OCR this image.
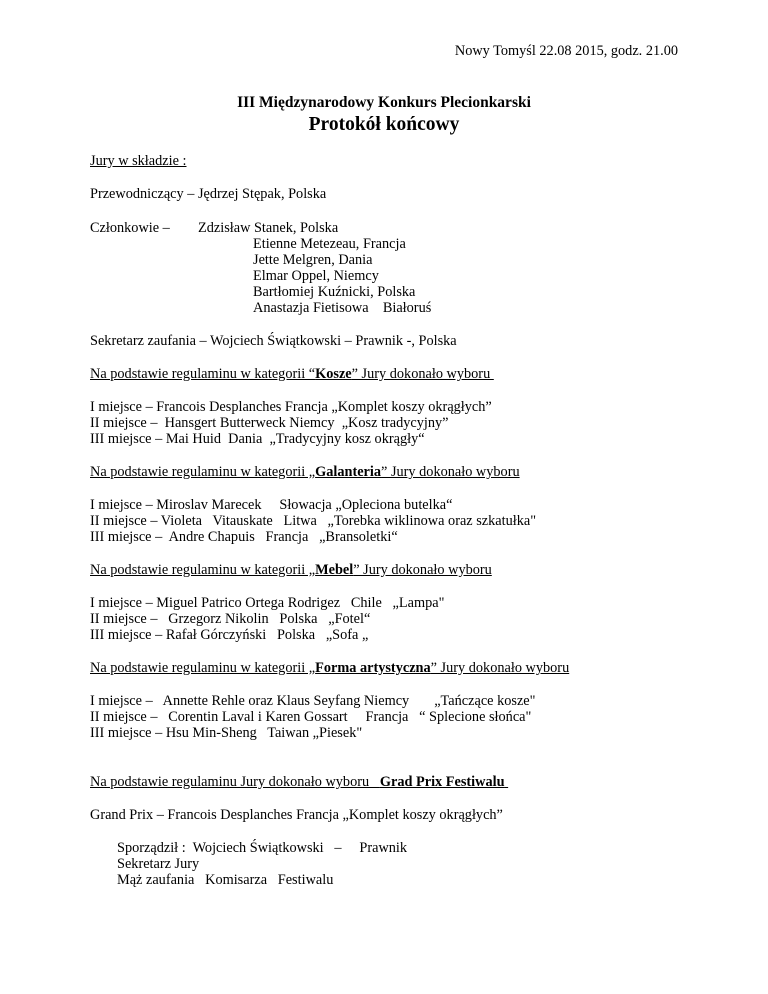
Nowy Tomyśl 22.08 2015, godz. 21.00
III Międzynarodowy Konkurs Plecionkarski
Protokół końcowy
Jury w składzie :
Przewodniczący – Jędrzej Stępak, Polska
Członkowie – Zdzisław Stanek, Polska
Etienne Metezeau, Francja
Jette Melgren, Dania
Elmar Oppel, Niemcy
Bartłomiej Kuźnicki, Polska
Anastazja Fietisowa    Białoruś
Sekretarz zaufania – Wojciech Świątkowski – Prawnik -, Polska
Na podstawie regulaminu w kategorii “Kosze” Jury dokonało wyboru
I miejsce – Francois Desplanches Francja „Komplet koszy okrągłych”
II miejsce –  Hansgert Butterweck Niemcy  „Kosz tradycyjny”
III miejsce – Mai Huid  Dania  „Tradycyjny kosz okrągły“
Na podstawie regulaminu w kategorii „Galanteria” Jury dokonało wyboru
I miejsce – Miroslav Marecek     Słowacja „Opleciona butelka“
II miejsce – Violeta   Vitauskate   Litwa   „Torebka wiklinowa oraz szkatułka"
III miejsce –  Andre Chapuis   Francja   „Bransoletki“
Na podstawie regulaminu w kategorii „Mebel” Jury dokonało wyboru
I miejsce – Miguel Patrico Ortega Rodrigez   Chile   „Lampa"
II miejsce –   Grzegorz Nikolin   Polska   „Fotel“
III miejsce – Rafał Górczyński   Polska   „Sofa „
Na podstawie regulaminu w kategorii „Forma artystyczna” Jury dokonało wyboru
I miejsce –   Annette Rehle oraz Klaus Seyfang Niemcy       „Tańczące kosze"
II miejsce –   Corentin Laval i Karen Gossart     Francja   “ Splecione słońca"
III miejsce – Hsu Min-Sheng   Taiwan „Piesek"
Na podstawie regulaminu Jury dokonało wyboru   Grad Prix Festiwalu
Grand Prix – Francois Desplanches Francja „Komplet koszy okrągłych”
Sporządził :  Wojciech Świątkowski   –     Prawnik
Sekretarz Jury
Mąż zaufania   Komisarza   Festiwalu
